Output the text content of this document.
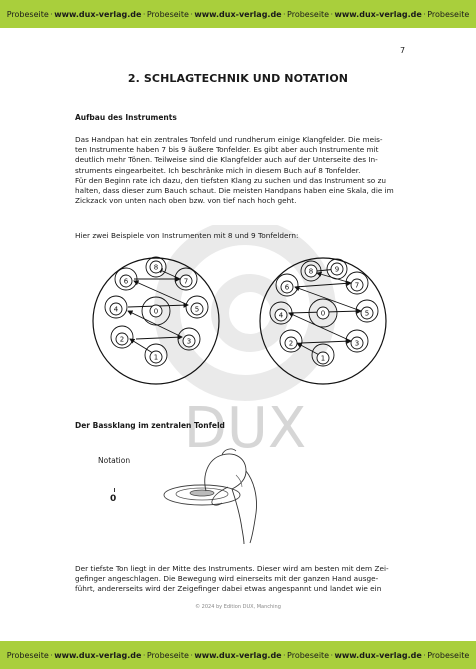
Probeseite · www.dux-verlag.de · Probeseite · www.dux-verlag.de · Probeseite · www.dux-verlag.de · Probeseite
DUX
7
2. SCHLAGTECHNIK UND NOTATION
Aufbau des Instruments

Das Handpan hat ein zentrales Tonfeld und rundherum einige Klangfelder. Die meis-

ten Instrumente haben 7 bis 9 äußere Tonfelder. Es gibt aber auch Instrumente mit

deutlich mehr Tönen. Teilweise sind die Klangfelder auch auf der Unterseite des In-

struments eingearbeitet. Ich beschränke mich in diesem Buch auf 8 Tonfelder.

Für den Beginn rate ich dazu, den tiefsten Klang zu suchen und das Instrument so zu

halten, dass dieser zum Bauch schaut. Die meisten Handpans haben eine Skala, die im

Zickzack von unten nach oben bzw. von tief nach hoch geht.

Hier zwei Beispiele von Instrumenten mit 8 und 9 Tonfeldern:
0
1
2	3
4	5
6	7
8
0
1
2	3
4	5
6	7
8	9
Der Bassklang im zentralen Tonfeld
Notation
0

Der tiefste Ton liegt in der Mitte des Instruments. Dieser wird am besten mit dem Zei-

gefinger angeschlagen. Die Bewegung wird einerseits mit der ganzen Hand ausge-

führt, andererseits wird der Zeigefinger dabei etwas angespannt und landet wie ein

© 2024 by Edition DUX, Manching
Probeseite · www.dux-verlag.de · Probeseite · www.dux-verlag.de · Probeseite · www.dux-verlag.de · Probeseite
